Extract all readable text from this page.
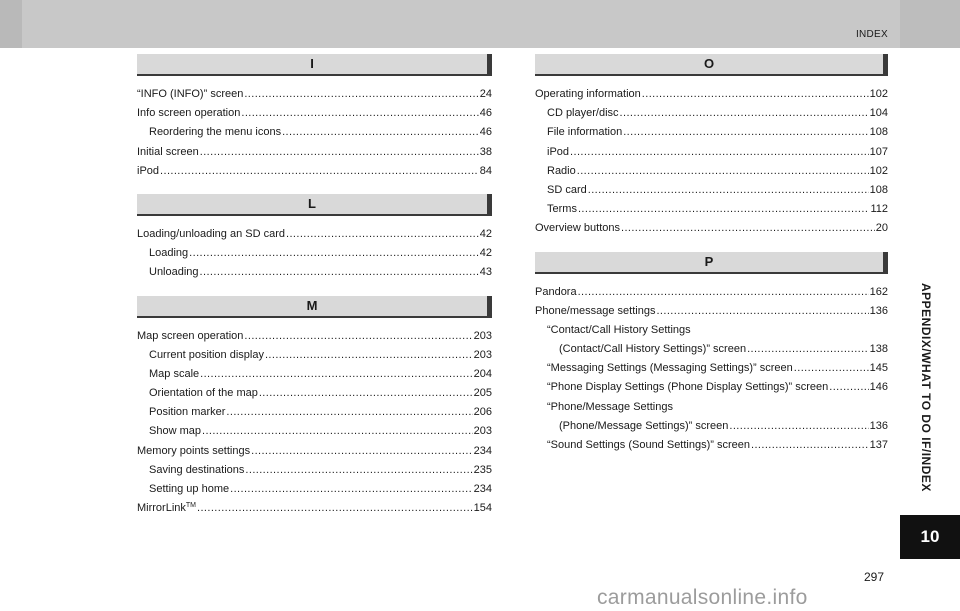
INDEX
I
“INFO (INFO)” screen .....	24
Info screen operation .....	46
Reordering the menu icons .....	46
Initial screen .....	38
iPod .....	84
L
Loading/unloading an SD card .....	42
Loading .....	42
Unloading .....	43
M
Map screen operation .....	203
Current position display .....	203
Map scale .....	204
Orientation of the map .....	205
Position marker .....	206
Show map .....	203
Memory points settings .....	234
Saving destinations .....	235
Setting up home .....	234
MirrorLink™ .....	154
O
Operating information .....	102
CD player/disc .....	104
File information .....	108
iPod .....	107
Radio .....	102
SD card .....	108
Terms .....	112
Overview buttons .....	20
P
Pandora .....	162
Phone/message settings .....	136
“Contact/Call History Settings
(Contact/Call History Settings)” screen .....	138
“Messaging Settings (Messaging Settings)” screen .....	145
“Phone Display Settings (Phone Display Settings)” screen .....	146
“Phone/Message Settings
(Phone/Message Settings)” screen .....	136
“Sound Settings (Sound Settings)” screen .....	137	APPENDIX/WHAT TO DO IF/INDEX
10
297
carmanualsonline.info
